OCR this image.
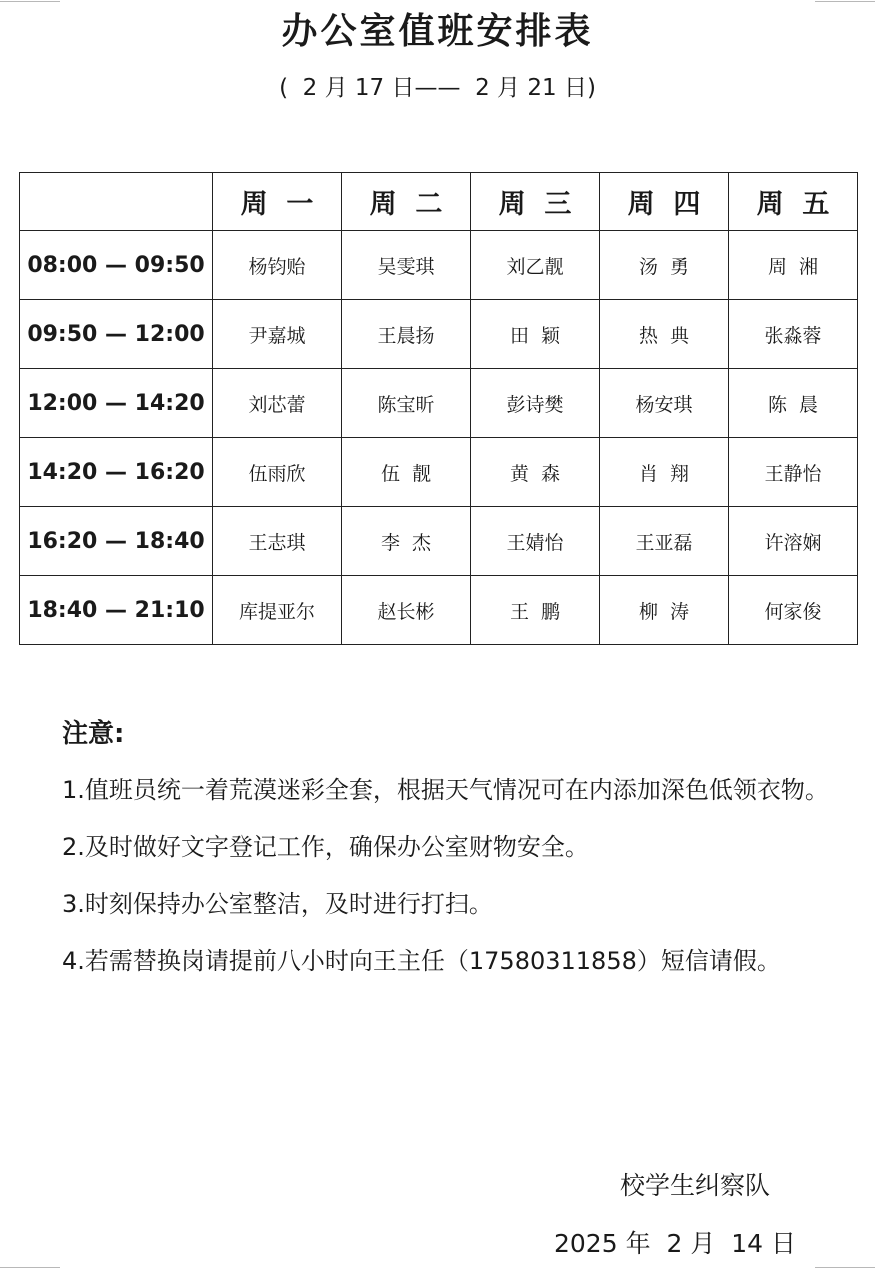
办公室值班安排表
(  2 月 17 日——  2 月 21 日)
	周  一	周  二	周  三	周  四	周  五
08:00 — 09:50	杨钧贻	吴雯琪	刘乙靓	汤  勇	周  湘
09:50 — 12:00	尹嘉城	王晨扬	田  颖	热  典	张淼蓉
12:00 — 14:20	刘芯蕾	陈宝昕	彭诗樊	杨安琪	陈  晨
14:20 — 16:20	伍雨欣	伍  靓	黄  森	肖  翔	王静怡
16:20 — 18:40	王志琪	李  杰	王婧怡	王亚磊	许溶娴
18:40 — 21:10	库提亚尔	赵长彬	王  鹏	柳  涛	何家俊
注意:
1.值班员统一着荒漠迷彩全套，根据天气情况可在内添加深色低领衣物。
2.及时做好文字登记工作，确保办公室财物安全。
3.时刻保持办公室整洁，及时进行打扫。
4.若需替换岗请提前八小时向王主任（17580311858）短信请假。
校学生纠察队
2025 年  2 月  14 日
